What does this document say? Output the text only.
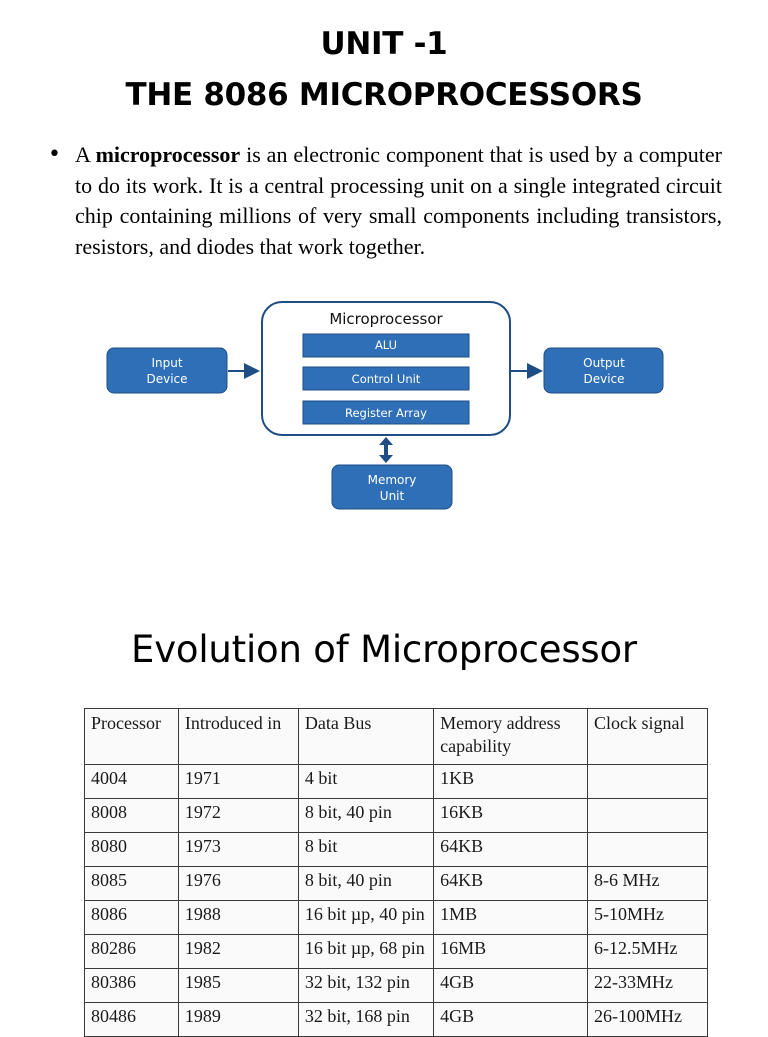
UNIT -1
THE 8086 MICROPROCESSORS
• A microprocessor is an electronic component that is used by a computer to do its work. It is a central processing unit on a single integrated circuit chip containing millions of very small components including transistors, resistors, and diodes that work together.
Microprocessor
ALU
Control Unit
Register Array
Input
Device
Output
Device
Memory
Unit
Evolution of Microprocessor
Processor	Introduced in	Data Bus	Memory address capability	Clock signal
4004	1971	4 bit	1KB	
8008	1972	8 bit, 40 pin	16KB	
8080	1973	8 bit	64KB	
8085	1976	8 bit, 40 pin	64KB	8-6 MHz
8086	1988	16 bit µp, 40 pin	1MB	5-10MHz
80286	1982	16 bit µp, 68 pin	16MB	6-12.5MHz
80386	1985	32 bit, 132 pin	4GB	22-33MHz
80486	1989	32 bit, 168 pin	4GB	26-100MHz
